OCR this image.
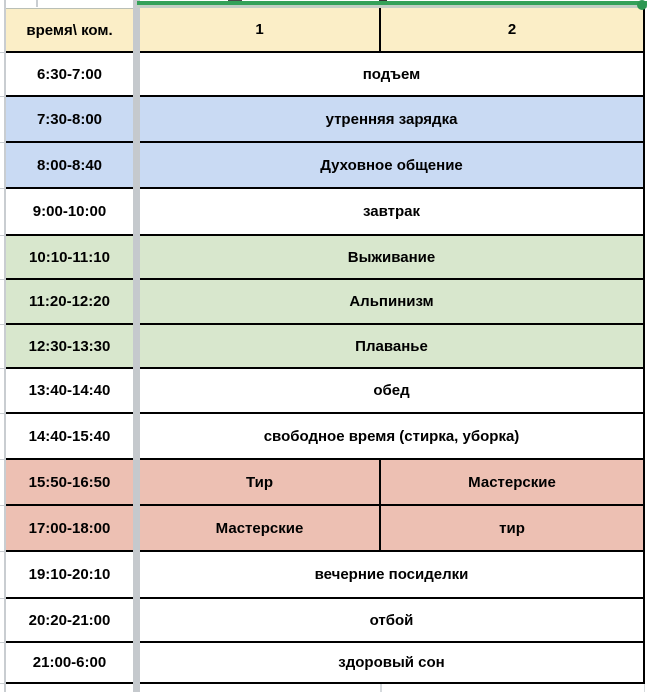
время\ ком.	1	2
6:30-7:00	подъем
7:30-8:00	утренняя зарядка
8:00-8:40	Духовное общение
9:00-10:00	завтрак
10:10-11:10	Выживание
11:20-12:20	Альпинизм
12:30-13:30	Плаванье
13:40-14:40	обед
14:40-15:40	свободное время (стирка, уборка)
15:50-16:50	Тир	Мастерские
17:00-18:00	Мастерские	тир
19:10-20:10	вечерние посиделки
20:20-21:00	отбой
21:00-6:00	здоровый сон
